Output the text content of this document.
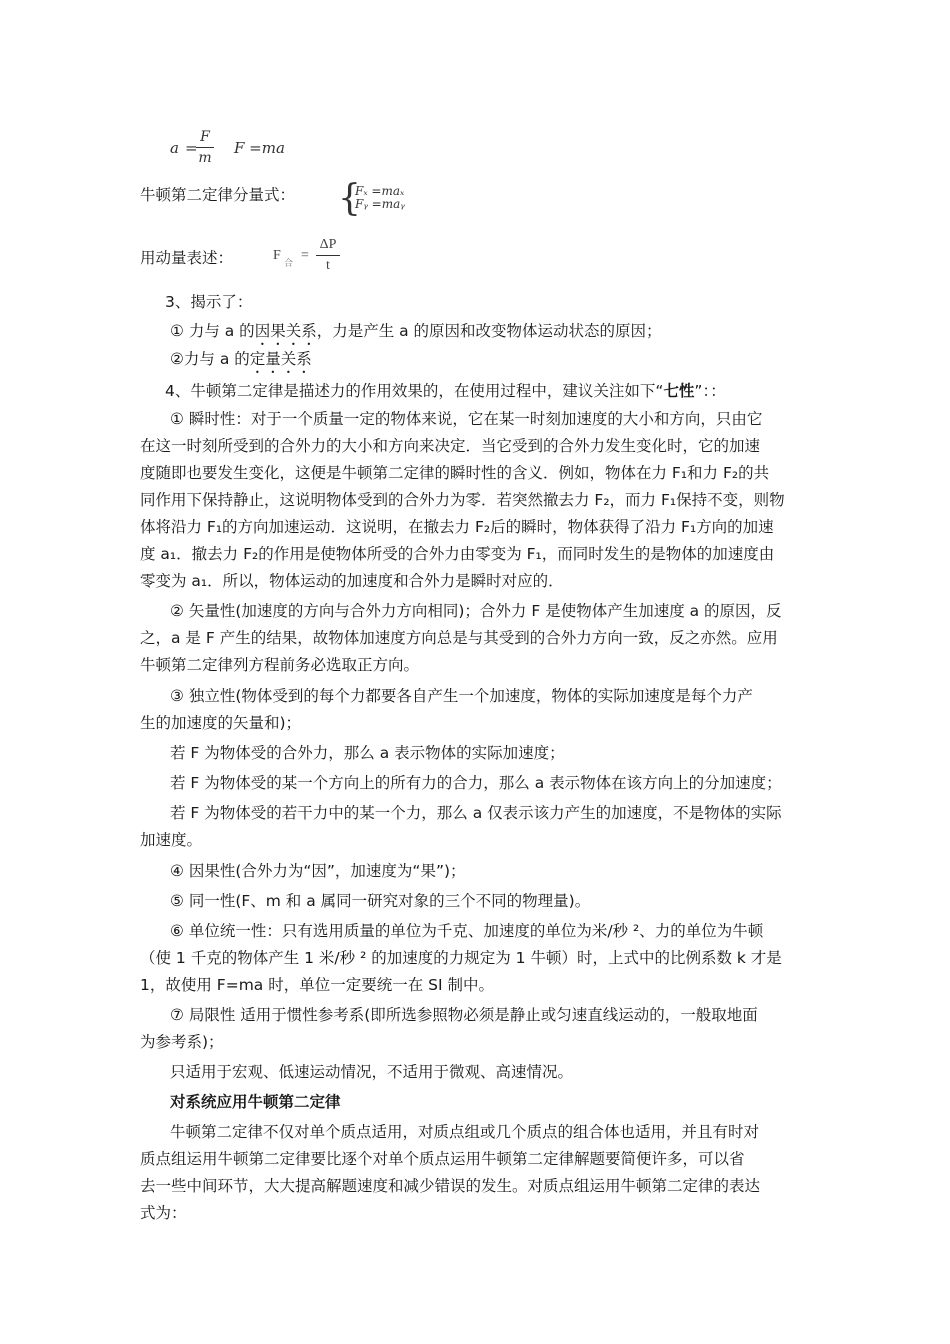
a =
F
m
F =ma
牛顿第二定律分量式：	{
Fₓ =maₓ
Fᵧ =maᵧ
用动量表述：	F
合
=
ΔP
t
3、揭示了：
① 力与 a 的因果关系，力是产生 a 的原因和改变物体运动状态的原因；
②力与 a 的定量关系
4、牛顿第二定律是描述力的作用效果的，在使用过程中，建议关注如下“七性”：：
① 瞬时性：对于一个质量一定的物体来说，它在某一时刻加速度的大小和方向，只由它
在这一时刻所受到的合外力的大小和方向来决定．当它受到的合外力发生变化时，它的加速
度随即也要发生变化，这便是牛顿第二定律的瞬时性的含义．例如，物体在力 F₁和力 F₂的共
同作用下保持静止，这说明物体受到的合外力为零．若突然撤去力 F₂，而力 F₁保持不变，则物
体将沿力 F₁的方向加速运动．这说明，在撤去力 F₂后的瞬时，物体获得了沿力 F₁方向的加速
度 a₁．撤去力 F₂的作用是使物体所受的合外力由零变为 F₁，而同时发生的是物体的加速度由
零变为 a₁．所以，物体运动的加速度和合外力是瞬时对应的．
② 矢量性(加速度的方向与合外力方向相同)；合外力 F 是使物体产生加速度 a 的原因，反
之，a 是 F 产生的结果，故物体加速度方向总是与其受到的合外力方向一致，反之亦然。应用
牛顿第二定律列方程前务必选取正方向。
③ 独立性(物体受到的每个力都要各自产生一个加速度，物体的实际加速度是每个力产
生的加速度的矢量和)；
若 F 为物体受的合外力，那么 a 表示物体的实际加速度；
若 F 为物体受的某一个方向上的所有力的合力，那么 a 表示物体在该方向上的分加速度；
若 F 为物体受的若干力中的某一个力，那么 a 仅表示该力产生的加速度，不是物体的实际
加速度。
④ 因果性(合外力为“因”，加速度为“果”)；
⑤ 同一性(F、m 和 a 属同一研究对象的三个不同的物理量)。
⑥ 单位统一性：只有选用质量的单位为千克、加速度的单位为米/秒 ²、力的单位为牛顿
（使 1 千克的物体产生 1 米/秒 ² 的加速度的力规定为 1 牛顿）时，上式中的比例系数 k 才是
1，故使用 F=ma 时，单位一定要统一在 SI 制中。
⑦ 局限性 适用于惯性参考系(即所选参照物必须是静止或匀速直线运动的，一般取地面
为参考系)；
只适用于宏观、低速运动情况，不适用于微观、高速情况。
对系统应用牛顿第二定律
牛顿第二定律不仅对单个质点适用，对质点组或几个质点的组合体也适用，并且有时对
质点组运用牛顿第二定律要比逐个对单个质点运用牛顿第二定律解题要简便许多，可以省
去一些中间环节，大大提高解题速度和减少错误的发生。对质点组运用牛顿第二定律的表达
式为：
